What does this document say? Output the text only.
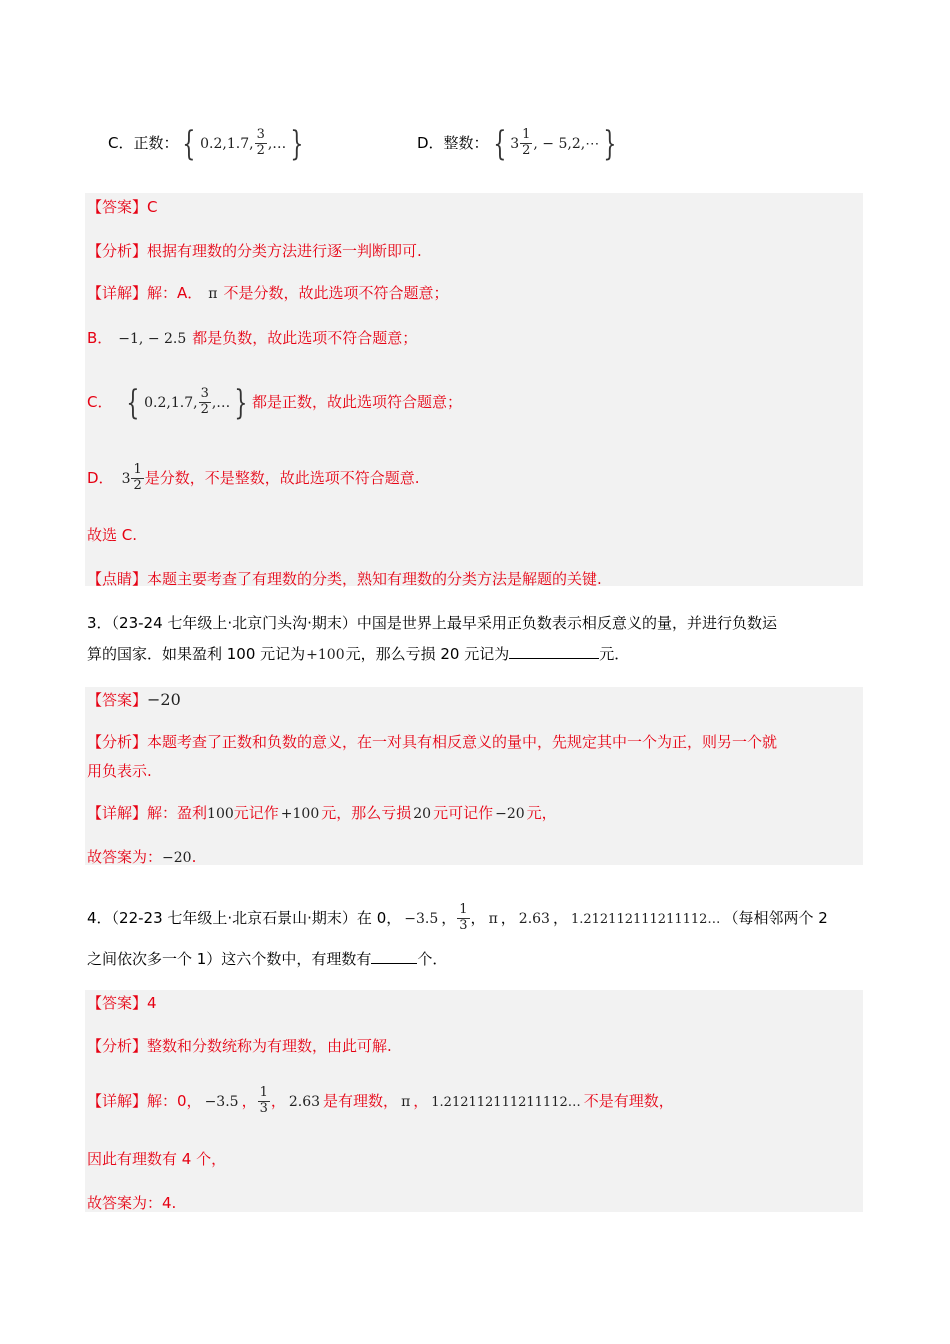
C．正数： { 0.2,1.7, $\frac{3}{2}$ ,… }	D．整数： { $3 \frac{1}{2}$ , − 5,2,⋯ }
【答案】C
【分析】根据有理数的分类方法进行逐一判断即可.
【详解】解：A． π 不是分数，故此选项不符合题意；
B． −1, − 2.5 都是负数，故此选项不符合题意；
C． { 0.2,1.7, $\frac{3}{2}$ ,… } 都是正数，故此选项符合题意；
D． $3 \frac{1}{2}$ 是分数，不是整数，故此选项不符合题意.
故选 C.
【点睛】本题主要考查了有理数的分类，熟知有理数的分类方法是解题的关键.
3．（23-24 七年级上·北京门头沟·期末）中国是世界上最早采用正负数表示相反意义的量，并进行负数运
算的国家．如果盈利 100 元记为+100元，那么亏损 20 元记为	元．
【答案】−20
【分析】本题考查了正数和负数的意义，在一对具有相反意义的量中，先规定其中一个为正，则另一个就
用负表示.
【详解】解：盈利100元记作 +100 元，那么亏损 20 元可记作 −20 元，
故答案为：−20.
4．（22-23 七年级上·北京石景山·期末）在 0， −3.5 ， $\frac{1}{3}$ ， π ， 2.63 ， 1.212112111211112… （每相邻两个 2
之间依次多一个 1）这六个数中，有理数有	个．
【答案】4
【分析】整数和分数统称为有理数，由此可解.
【详解】解：0， −3.5 ， $\frac{1}{3}$ ， 2.63 是有理数， π ， 1.212112111211112… 不是有理数，
因此有理数有 4 个，
故答案为：4.
